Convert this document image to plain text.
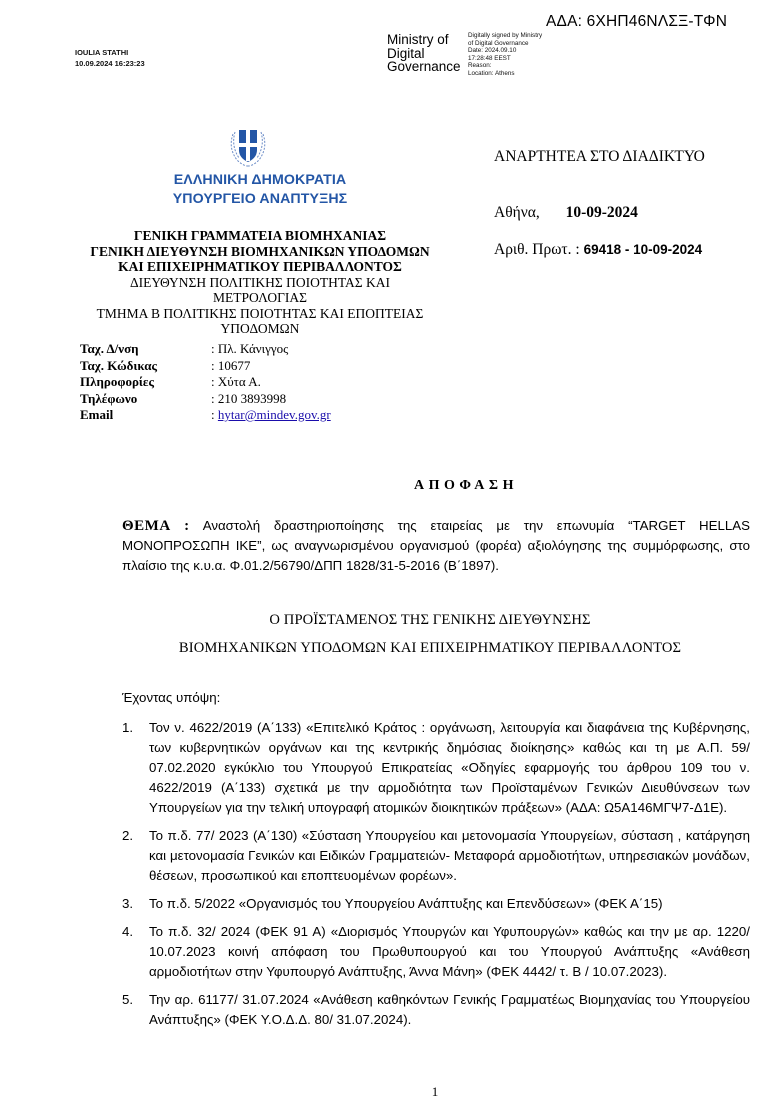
IOULIA STATHI
10.09.2024 16:23:23
ΑΔΑ: 6ΧΗΠ46ΝΛΣΞ-ΤΦΝ
Ministry of
Digital
Governance
Digitally signed by Ministry
of Digital Governance
Date: 2024.09.10
17:28:48 EEST
Reason:
Location: Athens
ΕΛΛΗΝΙΚΗ ΔΗΜΟΚΡΑΤΙΑ
ΥΠΟΥΡΓΕΙΟ ΑΝΑΠΤΥΞΗΣ
ΓΕΝΙΚΗ ΓΡΑΜΜΑΤΕΙΑ ΒΙΟΜΗΧΑΝΙΑΣ
ΓΕΝΙΚΗ ΔΙΕΥΘΥΝΣΗ ΒΙΟΜΗΧΑΝΙΚΩΝ ΥΠΟΔΟΜΩΝ
ΚΑΙ ΕΠΙΧΕΙΡΗΜΑΤΙΚΟΥ ΠΕΡΙΒΑΛΛΟΝΤΟΣ
ΔΙΕΥΘΥΝΣΗ ΠΟΛΙΤΙΚΗΣ ΠΟΙΟΤΗΤΑΣ ΚΑΙ
ΜΕΤΡΟΛΟΓΙΑΣ
ΤΜΗΜΑ Β ΠΟΛΙΤΙΚΗΣ ΠΟΙΟΤΗΤΑΣ ΚΑΙ ΕΠΟΠΤΕΙΑΣ
ΥΠΟΔΟΜΩΝ
Ταχ. Δ/νση	: Πλ. Κάνιγγος
Ταχ. Κώδικας	: 10677
Πληροφορίες	: Χύτα Α.
Τηλέφωνο	: 210 3893998
Email	: hytar@mindev.gov.gr
ΑΝΑΡΤΗΤΕΑ ΣΤΟ ΔΙΑΔΙΚΤΥΟ
Αθήνα, 10-09-2024
Αριθ. Πρωτ. : 69418 - 10-09-2024
ΑΠΟΦΑΣΗ
ΘΕΜΑ : Αναστολή δραστηριοποίησης της εταιρείας με την επωνυμία “TARGET HELLAS ΜΟΝΟΠΡΟΣΩΠΗ ΙΚΕ”, ως αναγνωρισμένου οργανισμού (φορέα) αξιολόγησης της συμμόρφωσης, στο πλαίσιο της κ.υ.α. Φ.01.2/56790/ΔΠΠ 1828/31-5-2016 (Β΄1897).
Ο ΠΡΟΪΣΤΑΜΕΝΟΣ ΤΗΣ ΓΕΝΙΚΗΣ ΔΙΕΥΘΥΝΣΗΣ
ΒΙΟΜΗΧΑΝΙΚΩΝ ΥΠΟΔΟΜΩΝ ΚΑΙ ΕΠΙΧΕΙΡΗΜΑΤΙΚΟΥ ΠΕΡΙΒΑΛΛΟΝΤΟΣ
Έχοντας υπόψη:
1.	Τον ν. 4622/2019 (Α΄133) «Επιτελικό Κράτος : οργάνωση, λειτουργία και διαφάνεια της Κυβέρνησης, των κυβερνητικών οργάνων και της κεντρικής δημόσιας διοίκησης» καθώς και τη με Α.Π. 59/ 07.02.2020 εγκύκλιο του Υπουργού Επικρατείας «Οδηγίες εφαρμογής του άρθρου 109 του ν. 4622/2019 (Α΄133) σχετικά με την αρμοδιότητα των Προϊσταμένων Γενικών Διευθύνσεων των Υπουργείων για την τελική υπογραφή ατομικών διοικητικών πράξεων» (ΑΔΑ: Ω5Α146ΜΓΨ7-Δ1Ε).
2.	Το π.δ. 77/ 2023 (Α΄130) «Σύσταση Υπουργείου και μετονομασία Υπουργείων, σύσταση , κατάργηση και μετονομασία Γενικών και Ειδικών Γραμματειών- Μεταφορά αρμοδιοτήτων, υπηρεσιακών μονάδων, θέσεων, προσωπικού και εποπτευομένων φορέων».
3.	Το π.δ. 5/2022 «Οργανισμός του Υπουργείου Ανάπτυξης και Επενδύσεων» (ΦΕΚ Α΄15)
4.	Το π.δ. 32/ 2024 (ΦΕΚ 91 Α) «Διορισμός Υπουργών και Υφυπουργών» καθώς και την με αρ. 1220/ 10.07.2023 κοινή απόφαση του Πρωθυπουργού και του Υπουργού Ανάπτυξης «Ανάθεση αρμοδιοτήτων στην Υφυπουργό Ανάπτυξης, Άννα Μάνη» (ΦΕΚ 4442/ τ. Β / 10.07.2023).
5.	Την αρ. 61177/ 31.07.2024 «Ανάθεση καθηκόντων Γενικής Γραμματέως Βιομηχανίας του Υπουργείου Ανάπτυξης» (ΦΕΚ Υ.Ο.Δ.Δ. 80/ 31.07.2024).
1
